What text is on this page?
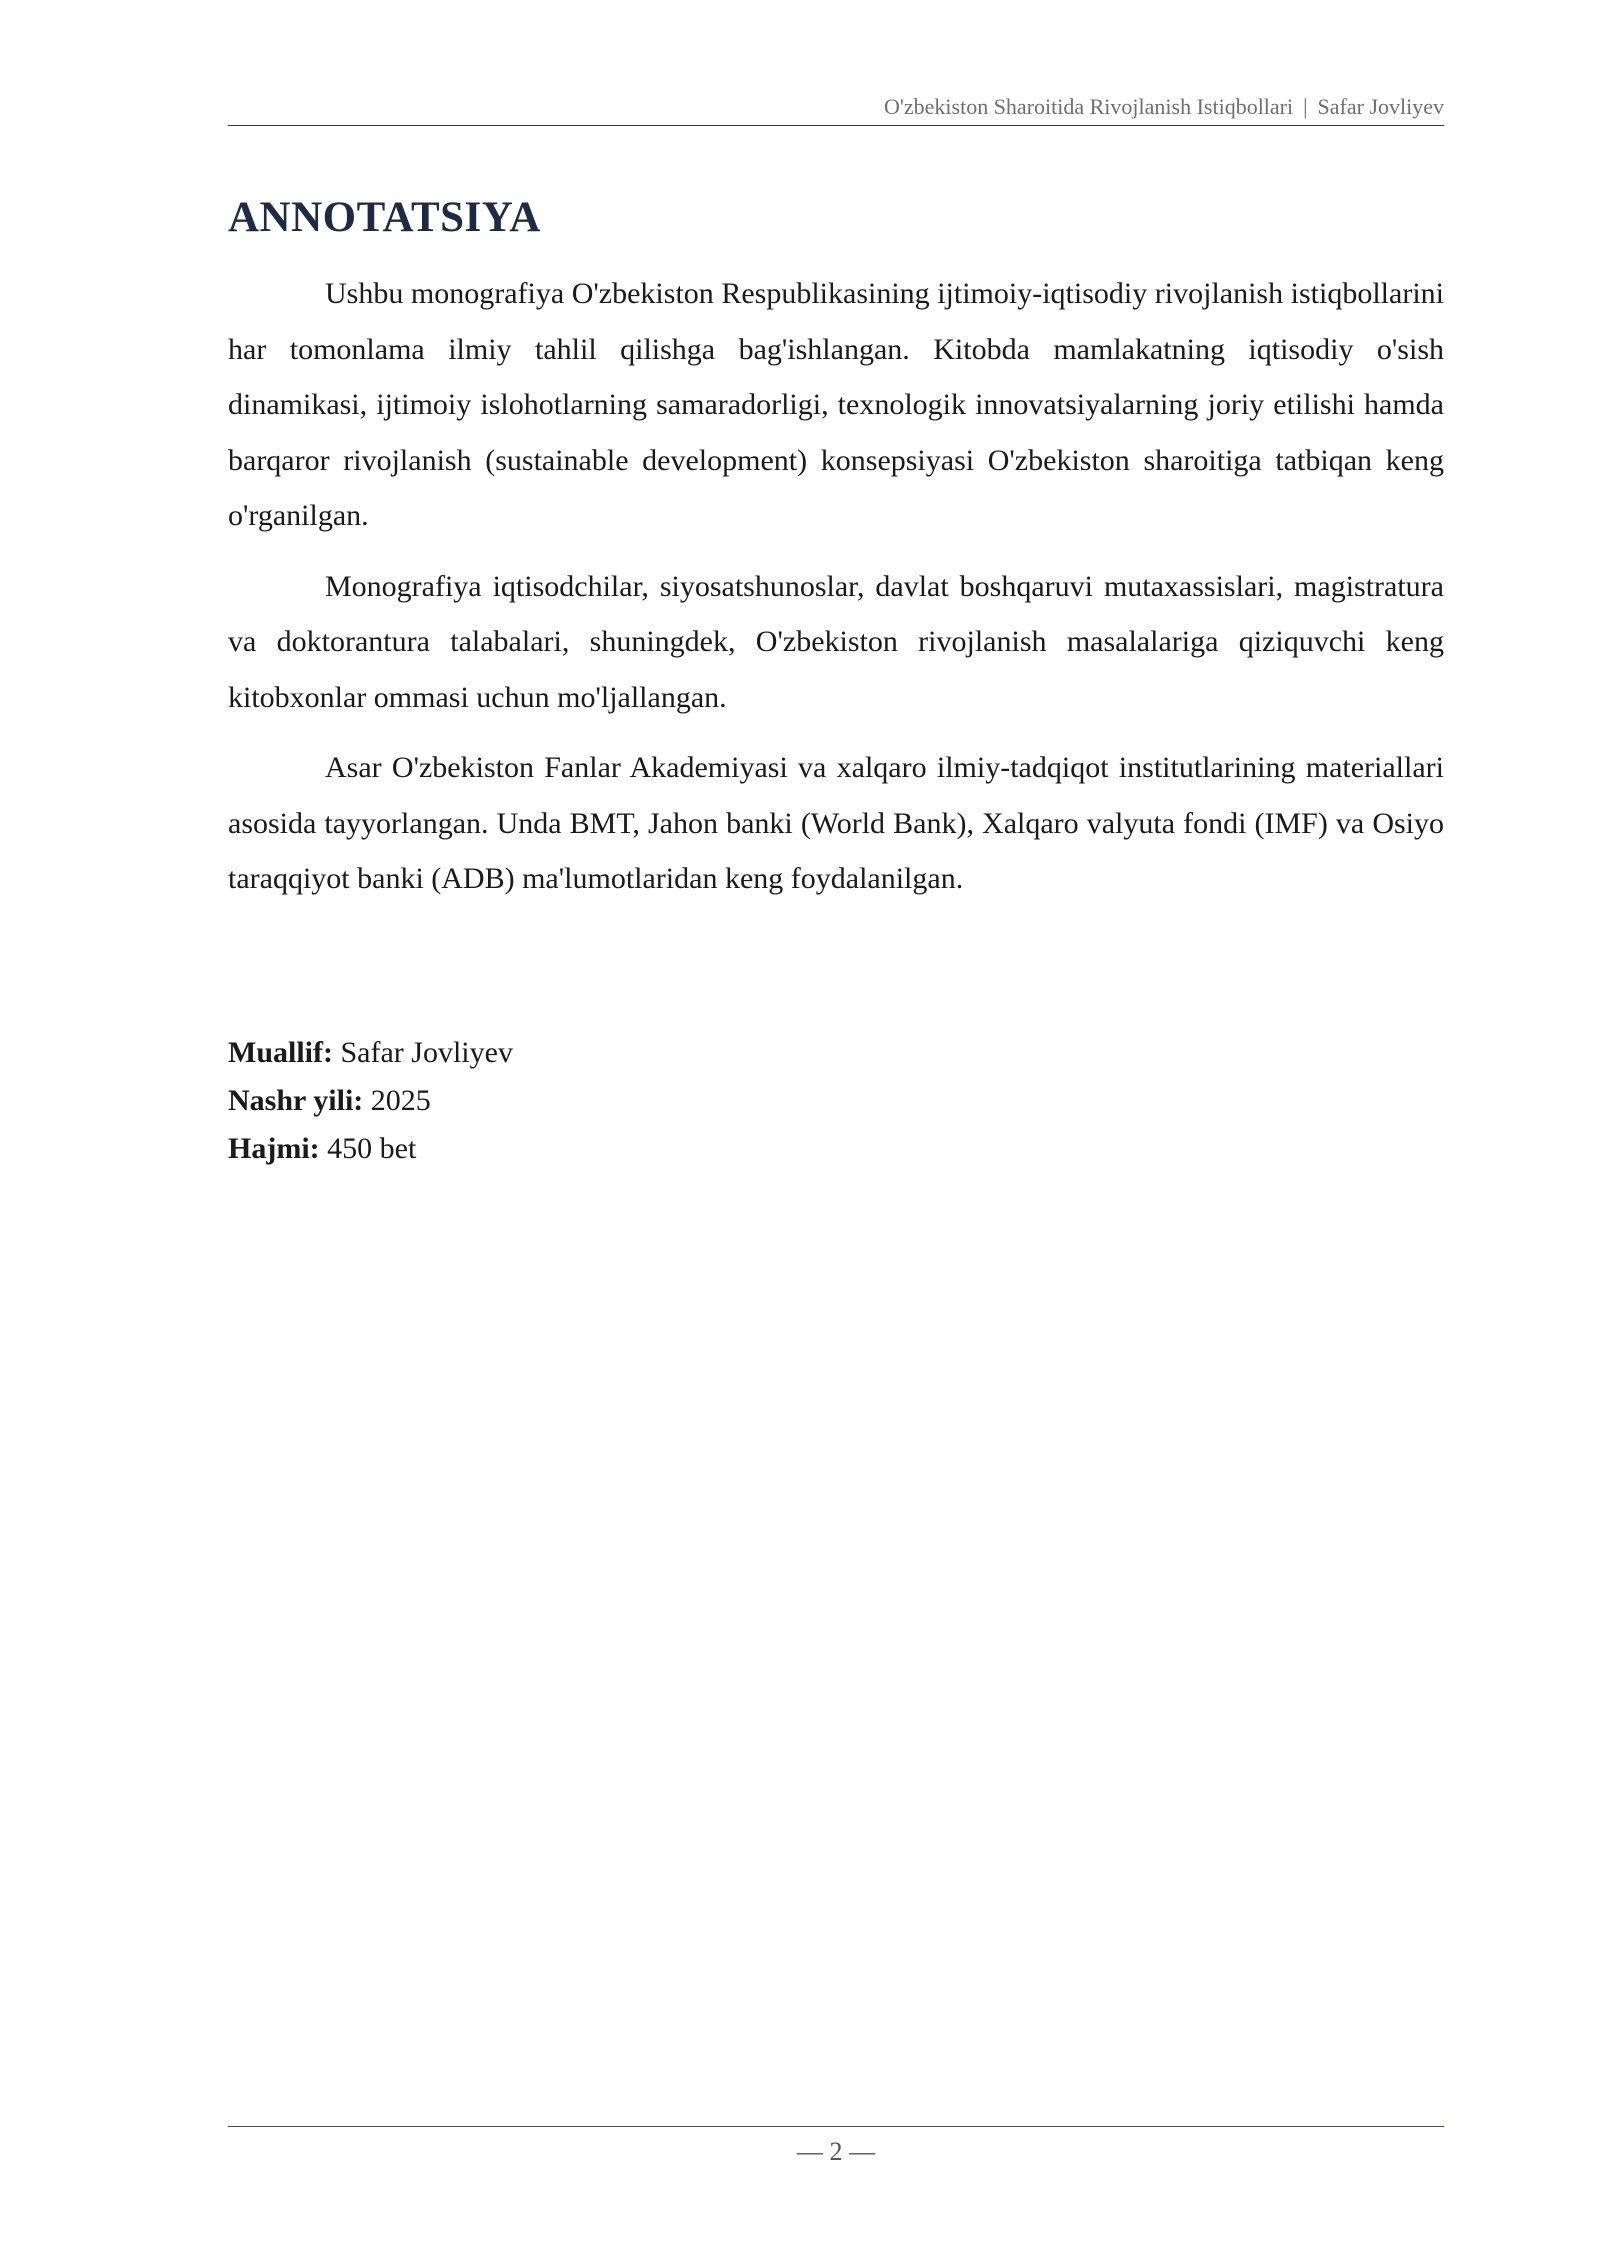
O'zbekiston Sharoitida Rivojlanish Istiqbollari | Safar Jovliyev
ANNOTATSIYA

Ushbu monografiya O'zbekiston Respublikasining ijtimoiy-iqtisodiy rivojlanish istiqbollarini har tomonlama ilmiy tahlil qilishga bag'ishlangan. Kitobda mamlakatning iqtisodiy o'sish dinamikasi, ijtimoiy islohotlarning samaradorligi, texnologik innovatsiyalarning joriy etilishi hamda barqaror rivojlanish (sustainable development) konsepsiyasi O'zbekiston sharoitiga tatbiqan keng o'rganilgan.

Monografiya iqtisodchilar, siyosatshunoslar, davlat boshqaruvi mutaxassislari, magistratura va doktorantura talabalari, shuningdek, O'zbekiston rivojlanish masalalariga qiziquvchi keng kitobxonlar ommasi uchun mo'ljallangan.

Asar O'zbekiston Fanlar Akademiyasi va xalqaro ilmiy-tadqiqot institutlarining materiallari asosida tayyorlangan. Unda BMT, Jahon banki (World Bank), Xalqaro valyuta fondi (IMF) va Osiyo taraqqiyot banki (ADB) ma'lumotlaridan keng foydalanilgan.

Muallif: Safar Jovliyev
Nashr yili: 2025
Hajmi: 450 bet
— 2 —
